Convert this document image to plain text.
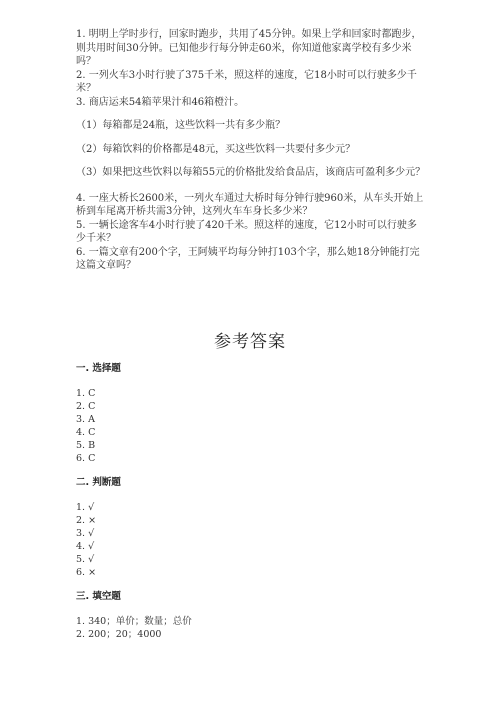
1. 明明上学时步行，回家时跑步，共用了45分钟。如果上学和回家时都跑步，则共用时间30分钟。已知他步行每分钟走60米，你知道他家离学校有多少米吗？

2. 一列火车3小时行驶了375千米，照这样的速度，它18小时可以行驶多少千米？

3. 商店运来54箱苹果汁和46箱橙汁。

（1）每箱都是24瓶，这些饮料一共有多少瓶？

（2）每箱饮料的价格都是48元，买这些饮料一共要付多少元？

（3）如果把这些饮料以每箱55元的价格批发给食品店，该商店可盈利多少元？

4. 一座大桥长2600米，一列火车通过大桥时每分钟行驶960米，从车头开始上桥到车尾离开桥共需3分钟，这列火车车身长多少米？

5. 一辆长途客车4小时行驶了420千米。照这样的速度，它12小时可以行驶多少千米？

6. 一篇文章有200个字，王阿姨平均每分钟打103个字，那么她18分钟能打完这篇文章吗？

参考答案
一. 选择题
1. C
2. C
3. A
4. C
5. B
6. C
二. 判断题
1. √
2. ×
3. √
4. √
5. √
6. ×
三. 填空题
1. 340；单价；数量；总价
2. 200；20；4000
